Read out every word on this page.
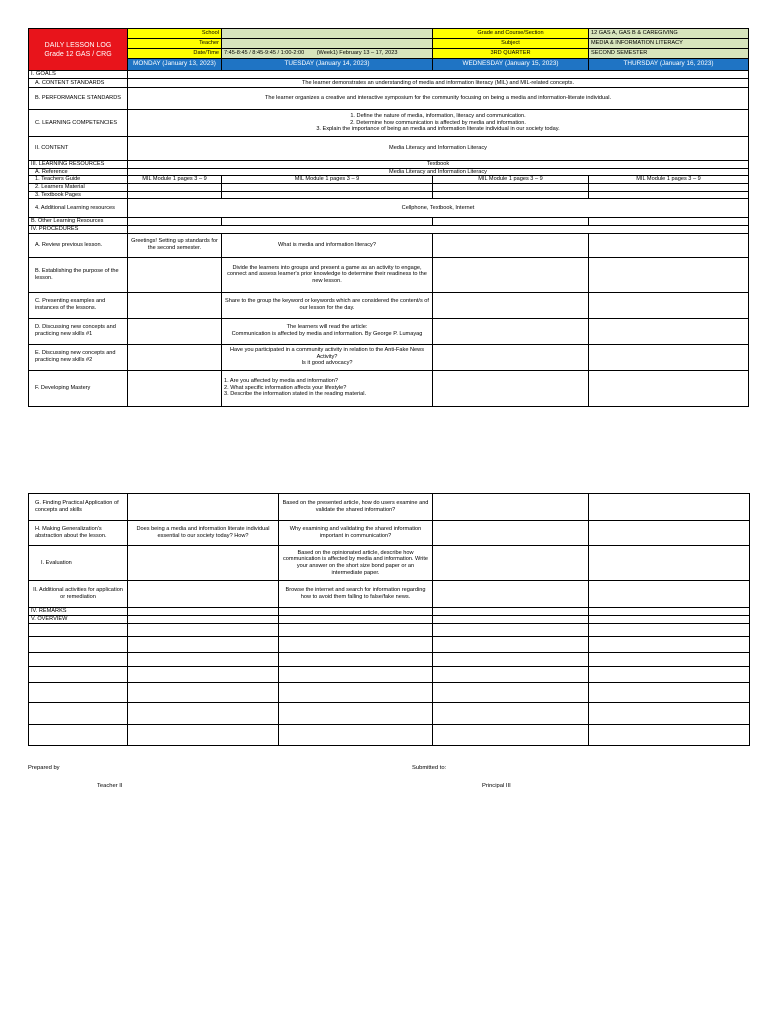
DAILY LESSON LOG
Grade 12 GAS / CRG	School		Grade and Course/Section	12 GAS A, GAS B & CAREGIVING
	Teacher		Subject	MEDIA & INFORMATION LITERACY
	Date/Time	7:45-8:45 / 8:45-9:45 / 1:00-2:00 (Week1) February 13 – 17, 2023	3RD QUARTER	SECOND SEMESTER
	MONDAY (January 13, 2023)	TUESDAY (January 14, 2023)	WEDNESDAY (January 15, 2023)	THURSDAY (January 16, 2023)
I. GOALS				
A. CONTENT STANDARDS	The learner demonstrates an understanding of media and information literacy (MIL) and MIL-related concepts.			
B. PERFORMANCE STANDARDS	The learner organizes a creative and interactive symposium for the community focusing on being a media and information-literate individual.			
C. LEARNING COMPETENCIES	1. Define the nature of media, information, literacy and communication.
2. Determine how communication is affected by media and information.
3. Explain the importance of being an media and information literate individual in our society today.			

II. CONTENT	Media Literacy and Information Literacy			
III. LEARNING RESOURCES	Textbook			
A. Reference	Media Literacy and Information Literacy			
1. Teachers Guide	MIL Module 1 pages 3 – 9	MIL Module 1 pages 3 – 9	MIL Module 1 pages 3 – 9	MIL Module 1 pages 3 – 9
2. Learners Material				
3. Textbook Pages				
4. Additional Learning resources	Cellphone, Textbook, Internet			
B. Other Learning Resources				
IV. PROCEDURES				
A. Review previous lesson.	Greetings! Setting up standards for the second semester.	What is media and information literacy?		
B. Establishing the purpose of the lesson.		Divide the learners into groups and present a game as an activity to engage, connect and assess learner's prior knowledge to determine their readiness to the new lesson.		
C. Presenting examples and instances of the lessons.		Share to the group the keyword or keywords which are considered the content/s of our lesson for the day.		
D. Discussing new concepts and practicing new skills #1		The learners will read the article:
Communication is affected by media and information. By George P. Lumayag		

E. Discussing new concepts and practicing new skills #2		Have you participated in a community activity in relation to the Anti-Fake News Activity?
Is it good advocacy?		

F. Developing Mastery		1. Are you affected by media and information?
2. What specific information affects your lifestyle?
3. Describe the information stated in the reading material.		

G. Finding Practical Application of concepts and skills		Based on the presented article, how do users examine and validate the shared information?		
H. Making Generalization's abstraction about the lesson.	Does being a media and information literate individual essential to our society today? How?	Why examining and validating the shared information important in communication?		
I. Evaluation		Based on the opinionated article, describe how communication is affected by media and information. Write your answer on the short size bond paper or an intermediate paper.		
II. Additional activities for application or remediation		Browse the internet and search for information regarding how to avoid them falling to false/fake news.		
IV. REMARKS				
V. OVERVIEW				

Prepared by
Teacher II
Submitted to:
Principal III
